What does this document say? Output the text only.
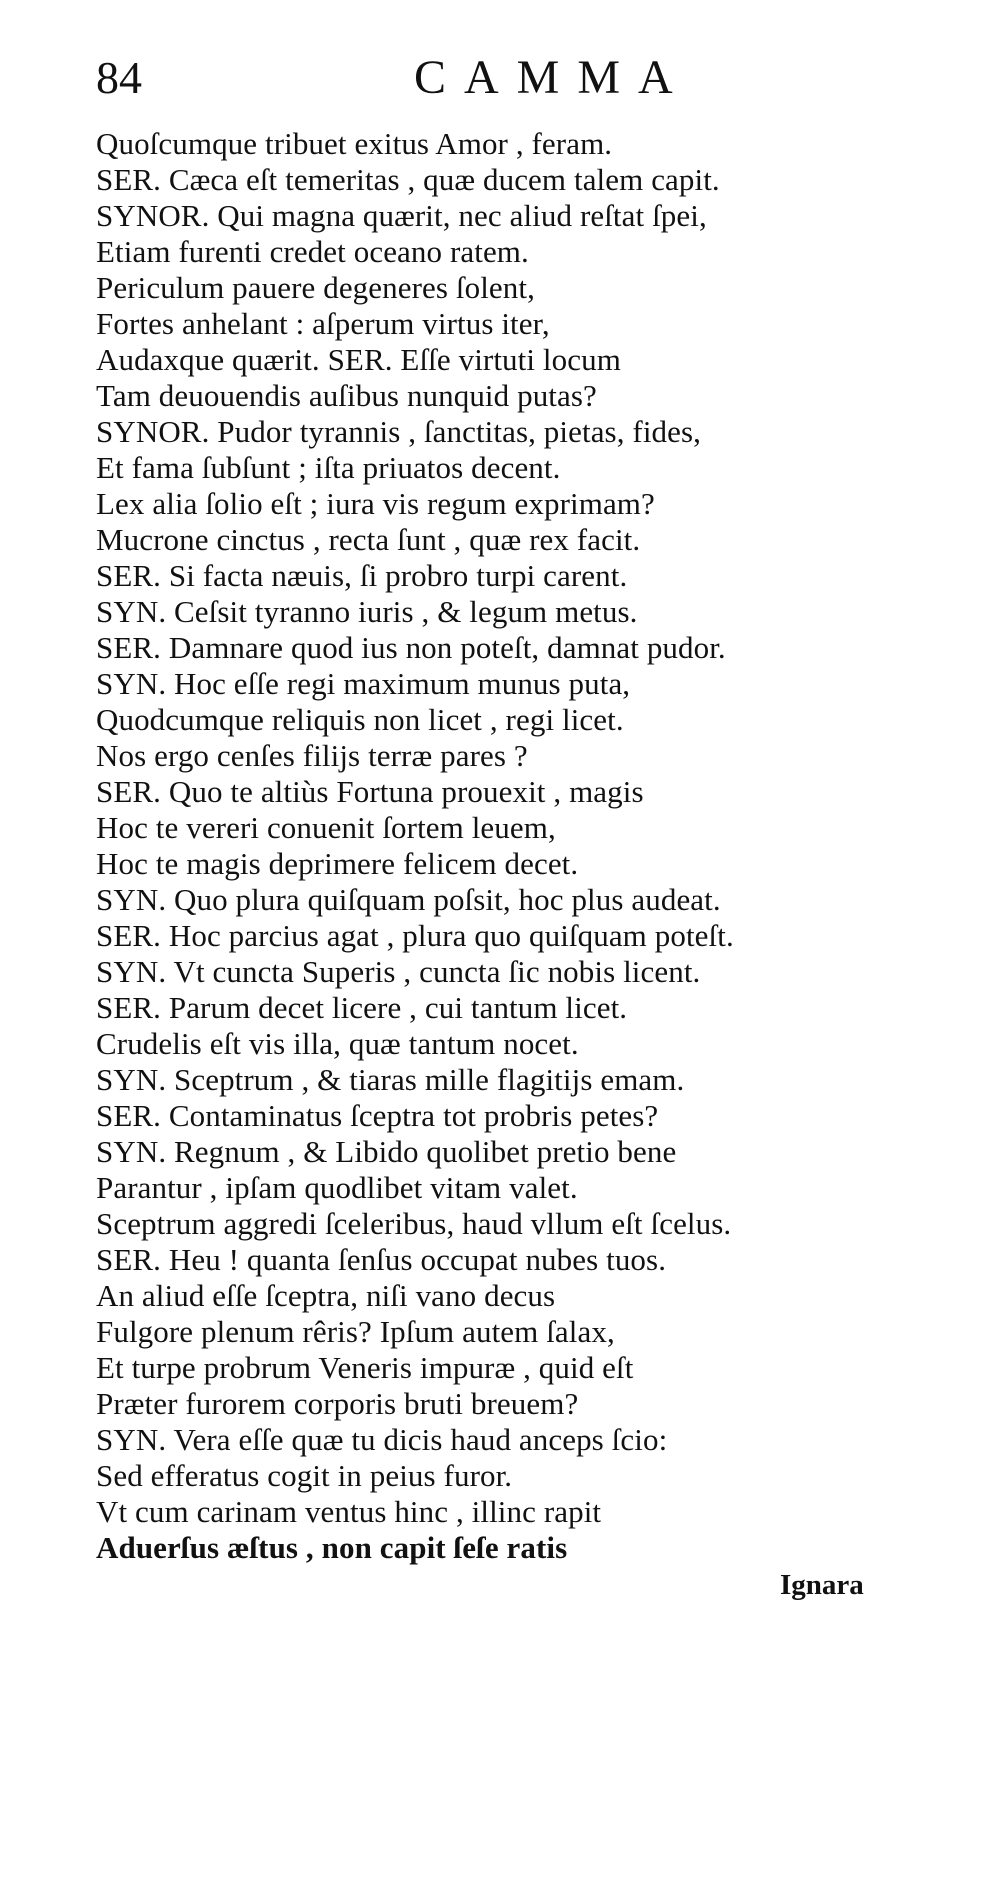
84	CAMMA
Quoſcumque tribuet exitus Amor , feram.
SER. Cæca eſt temeritas , quæ ducem talem capit.
SYNOR. Qui magna quærit, nec aliud reſtat ſpei,
Etiam furenti credet oceano ratem.
Periculum pauere degeneres ſolent,
Fortes anhelant : aſperum virtus iter,
Audaxque quærit. SER. Eſſe virtuti locum
Tam deuouendis auſibus nunquid putas?
SYNOR. Pudor tyrannis , ſanctitas, pietas, fides,
Et fama ſubſunt ; iſta priuatos decent.
Lex alia ſolio eſt ; iura vis regum exprimam?
Mucrone cinctus , recta ſunt , quæ rex facit.
SER. Si facta næuis, ſi probro turpi carent.
SYN. Ceſsit tyranno iuris , & legum metus.
SER. Damnare quod ius non poteſt, damnat pudor.
SYN. Hoc eſſe regi maximum munus puta,
Quodcumque reliquis non licet , regi licet.
Nos ergo cenſes filijs terræ pares ?
SER. Quo te altiùs Fortuna prouexit , magis
Hoc te vereri conuenit ſortem leuem,
Hoc te magis deprimere felicem decet.
SYN. Quo plura quiſquam poſsit, hoc plus audeat.
SER. Hoc parcius agat , plura quo quiſquam poteſt.
SYN. Vt cuncta Superis , cuncta ſic nobis licent.
SER. Parum decet licere , cui tantum licet.
Crudelis eſt vis illa, quæ tantum nocet.
SYN. Sceptrum , & tiaras mille flagitijs emam.
SER. Contaminatus ſceptra tot probris petes?
SYN. Regnum , & Libido quolibet pretio bene
Parantur , ipſam quodlibet vitam valet.
Sceptrum aggredi ſceleribus, haud vllum eſt ſcelus.
SER. Heu ! quanta ſenſus occupat nubes tuos.
An aliud eſſe ſceptra, niſi vano decus
Fulgore plenum rêris? Ipſum autem ſalax,
Et turpe probrum Veneris impuræ , quid eſt
Præter furorem corporis bruti breuem?
SYN. Vera eſſe quæ tu dicis haud anceps ſcio:
Sed efferatus cogit in peius furor.
Vt cum carinam ventus hinc , illinc rapit
Aduerſus æſtus , non capit ſeſe ratis
Ignara
